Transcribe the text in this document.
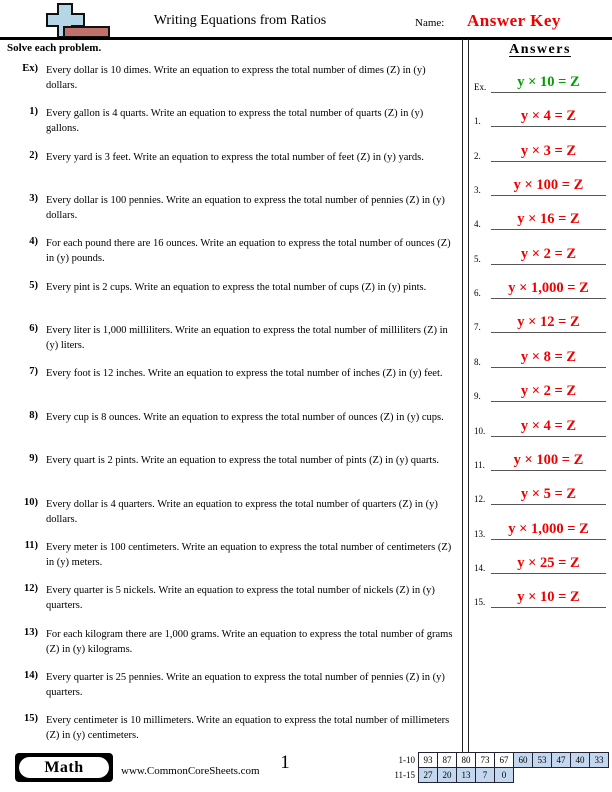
Writing Equations from Ratios	Name: Answer Key
Solve each problem.
Ex) Every dollar is 10 dimes. Write an equation to express the total number of dimes (Z) in (y) dollars.
1) Every gallon is 4 quarts. Write an equation to express the total number of quarts (Z) in (y) gallons.
2) Every yard is 3 feet. Write an equation to express the total number of feet (Z) in (y) yards.
3) Every dollar is 100 pennies. Write an equation to express the total number of pennies (Z) in (y) dollars.
4) For each pound there are 16 ounces. Write an equation to express the total number of ounces (Z) in (y) pounds.
5) Every pint is 2 cups. Write an equation to express the total number of cups (Z) in (y) pints.
6) Every liter is 1,000 milliliters. Write an equation to express the total number of milliliters (Z) in (y) liters.
7) Every foot is 12 inches. Write an equation to express the total number of inches (Z) in (y) feet.
8) Every cup is 8 ounces. Write an equation to express the total number of ounces (Z) in (y) cups.
9) Every quart is 2 pints. Write an equation to express the total number of pints (Z) in (y) quarts.
10) Every dollar is 4 quarters. Write an equation to express the total number of quarters (Z) in (y) dollars.
11) Every meter is 100 centimeters. Write an equation to express the total number of centimeters (Z) in (y) meters.
12) Every quarter is 5 nickels. Write an equation to express the total number of nickels (Z) in (y) quarters.
13) For each kilogram there are 1,000 grams. Write an equation to express the total number of grams (Z) in (y) kilograms.
14) Every quarter is 25 pennies. Write an equation to express the total number of pennies (Z) in (y) quarters.
15) Every centimeter is 10 millimeters. Write an equation to express the total number of millimeters (Z) in (y) centimeters.
Answers
Ex.	y × 10 = Z
1.	y × 4 = Z
2.	y × 3 = Z
3.	y × 100 = Z
4.	y × 16 = Z
5.	y × 2 = Z
6.	y × 1,000 = Z
7.	y × 12 = Z
8.	y × 8 = Z
9.	y × 2 = Z
10.	y × 4 = Z
11.	y × 100 = Z
12.	y × 5 = Z
13.	y × 1,000 = Z
14.	y × 25 = Z
15.	y × 10 = Z
Math	www.CommonCoreSheets.com	1	1-10	93	87	80	73	67	60	53	47	40	33
11-15	27	20	13	7	0					
